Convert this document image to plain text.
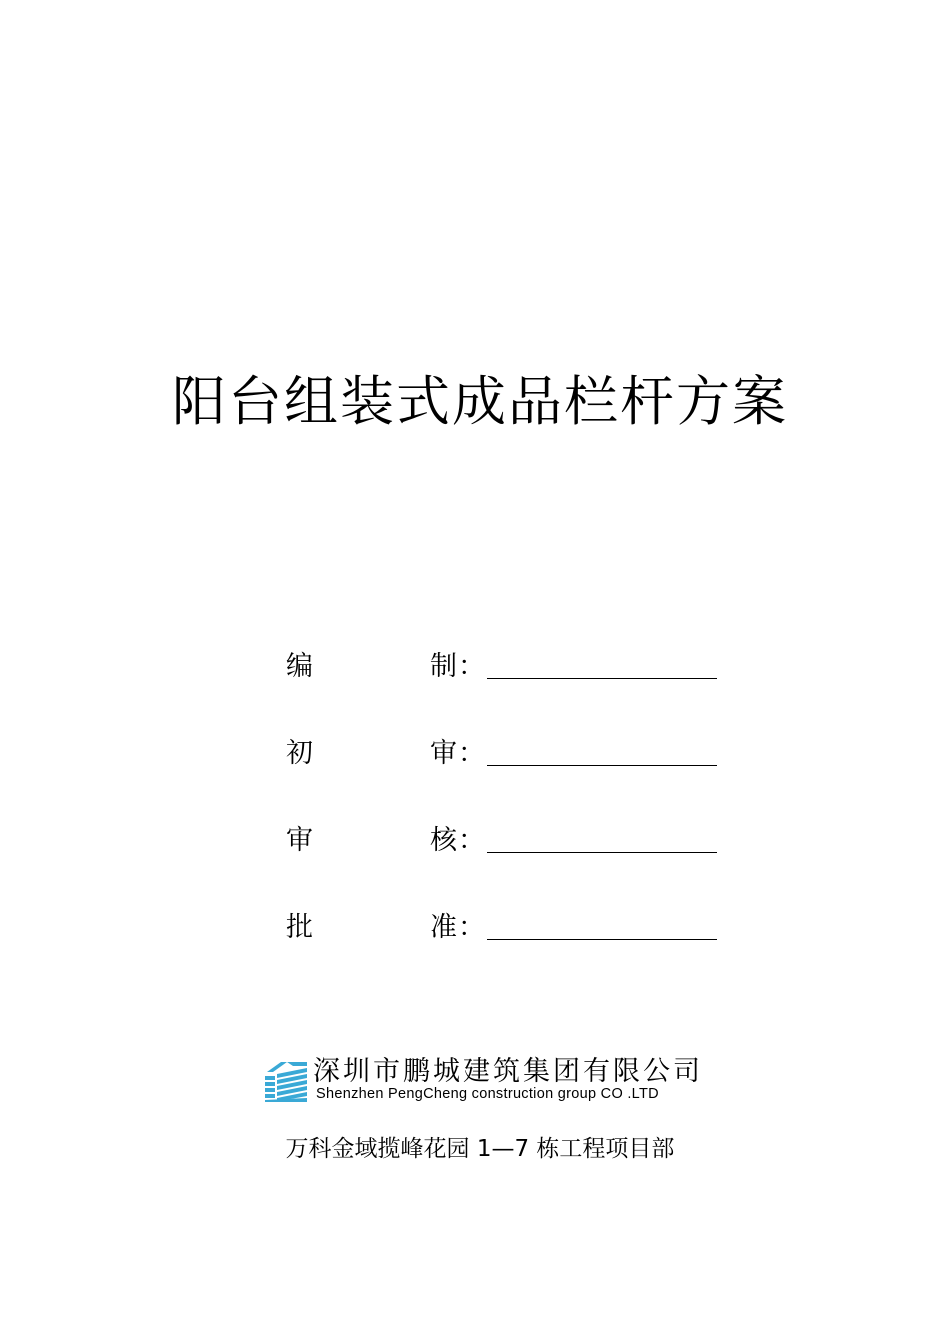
阳台组装式成品栏杆方案
编	制 ：
初	审 ：
审	核 ：
批	准 ：
深圳市鹏城建筑集团有限公司
Shenzhen PengCheng construction group CO .LTD
万科金域揽峰花园 1—7 栋工程项目部
